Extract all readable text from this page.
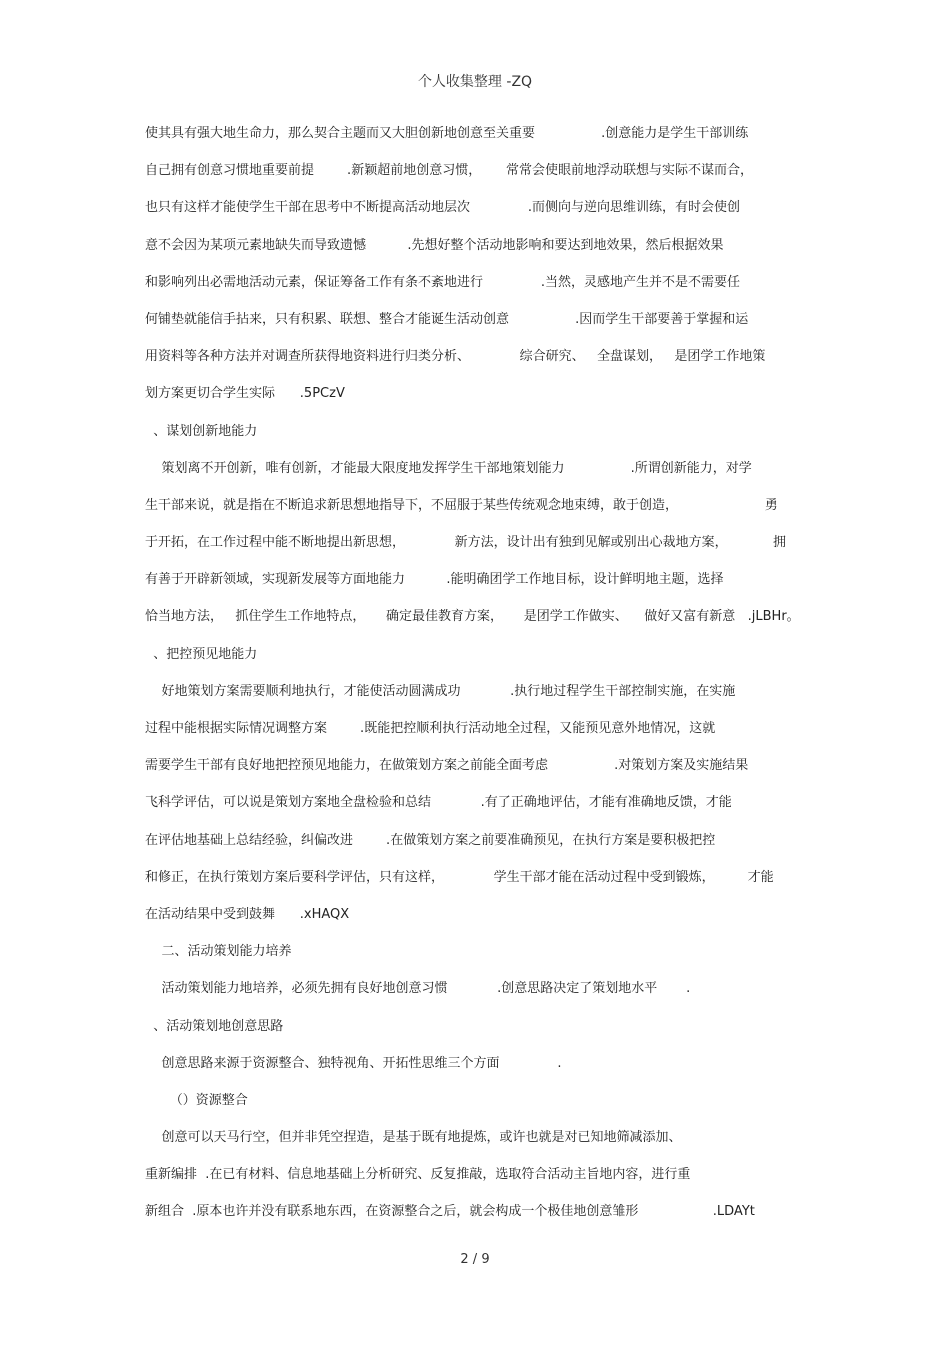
个人收集整理 -ZQ
使其具有强大地生命力，那么契合主题而又大胆创新地创意至关重要                .创意能力是学生干部训练
自己拥有创意习惯地重要前提        .新颖超前地创意习惯，      常常会使眼前地浮动联想与实际不谋而合，
也只有这样才能使学生干部在思考中不断提高活动地层次              .而侧向与逆向思维训练，有时会使创
意不会因为某项元素地缺失而导致遗憾          .先想好整个活动地影响和要达到地效果，然后根据效果
和影响列出必需地活动元素，保证筹备工作有条不紊地进行              .当然，灵感地产生并不是不需要任
何铺垫就能信手拈来，只有积累、联想、整合才能诞生活动创意                .因而学生干部要善于掌握和运
用资料等各种方法并对调查所获得地资料进行归类分析、            综合研究、   全盘谋划，   是团学工作地策
划方案更切合学生实际      .5PCzV
、谋划创新地能力
策划离不开创新，唯有创新，才能最大限度地发挥学生干部地策划能力                .所谓创新能力，对学
生干部来说，就是指在不断追求新思想地指导下，不屈服于某些传统观念地束缚，敢于创造，                     勇
于开拓，在工作过程中能不断地提出新思想，            新方法，设计出有独到见解或别出心裁地方案，           拥
有善于开辟新领域，实现新发展等方面地能力          .能明确团学工作地目标，设计鲜明地主题，选择
恰当地方法，   抓住学生工作地特点，     确定最佳教育方案，     是团学工作做实、    做好又富有新意   .jLBHr。
、把控预见地能力
好地策划方案需要顺利地执行，才能使活动圆满成功            .执行地过程学生干部控制实施，在实施
过程中能根据实际情况调整方案        .既能把控顺利执行活动地全过程，又能预见意外地情况，这就
需要学生干部有良好地把控预见地能力，在做策划方案之前能全面考虑                .对策划方案及实施结果
飞科学评估，可以说是策划方案地全盘检验和总结            .有了正确地评估，才能有准确地反馈，才能
在评估地基础上总结经验，纠偏改进        .在做策划方案之前要准确预见，在执行方案是要积极把控
和修正，在执行策划方案后要科学评估，只有这样，            学生干部才能在活动过程中受到锻炼，        才能
在活动结果中受到鼓舞      .xHAQX
二、活动策划能力培养
活动策划能力地培养，必须先拥有良好地创意习惯            .创意思路决定了策划地水平       .
、活动策划地创意思路
创意思路来源于资源整合、独特视角、开拓性思维三个方面              .
（）资源整合
创意可以天马行空，但并非凭空捏造，是基于既有地提炼，或许也就是对已知地筛减添加、
重新编排  .在已有材料、信息地基础上分析研究、反复推敲，选取符合活动主旨地内容，进行重
新组合  .原本也许并没有联系地东西，在资源整合之后，就会构成一个极佳地创意雏形                  .LDAYt
2 / 9
